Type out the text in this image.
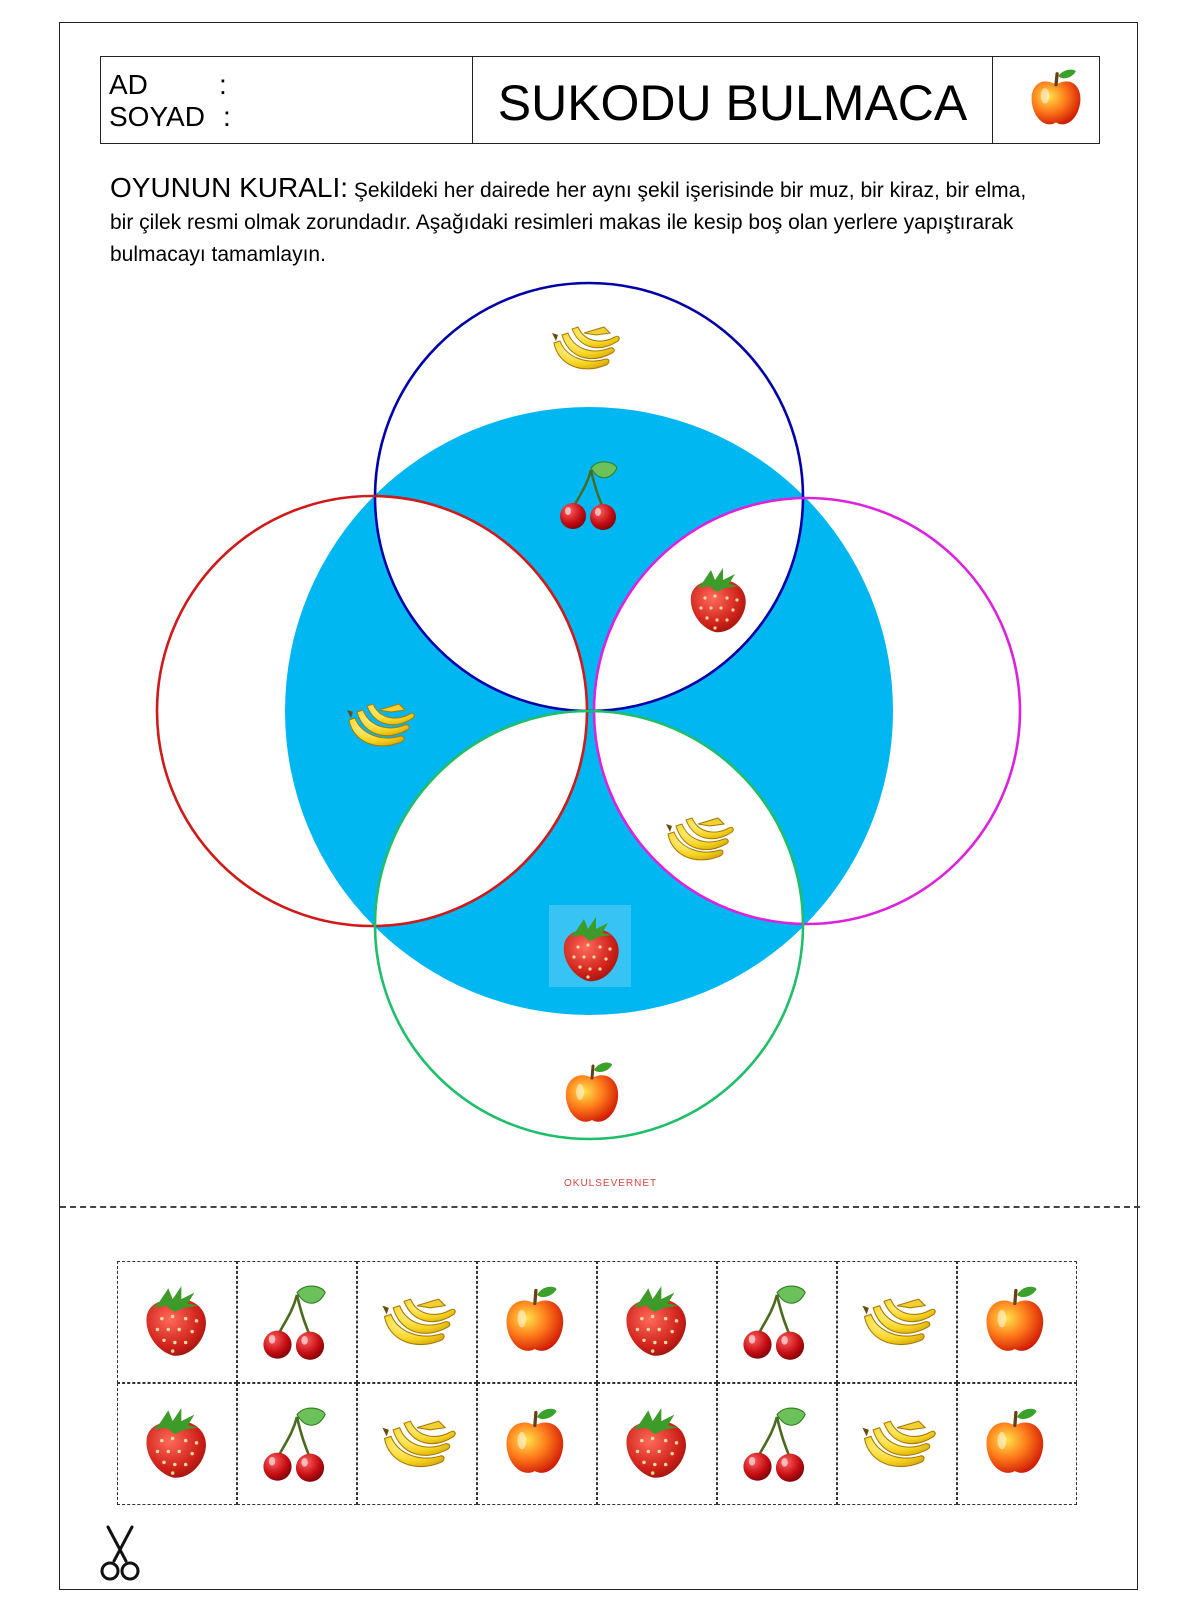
AD	:
SOYAD :	SUKODU BULMACA
OYUNUN KURALI: Şekildeki her dairede her aynı şekil işerisinde bir muz, bir kiraz, bir elma, bir çilek resmi olmak zorundadır. Aşağıdaki resimleri makas ile kesip boş olan yerlere yapıştırarak bulmacayı tamamlayın.
OKULSEVERNET
